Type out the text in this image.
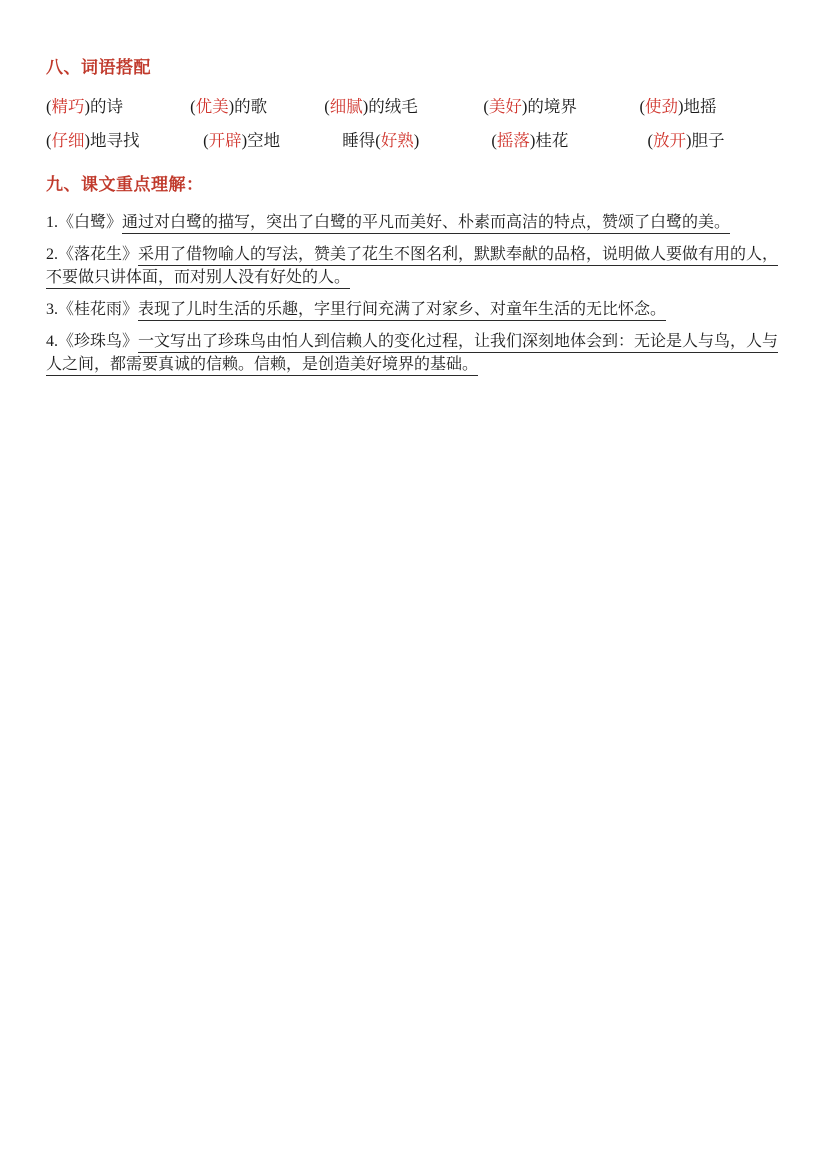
八、词语搭配
(精巧)的诗	(优美)的歌	(细腻)的绒毛	(美好)的境界	(使劲)地摇
(仔细)地寻找	(开辟)空地	睡得(好熟)	(摇落)桂花	(放开)胆子
九、课文重点理解：
1.《白鹭》通过对白鹭的描写，突出了白鹭的平凡而美好、朴素而高洁的特点，赞颂了白鹭的美。
2.《落花生》采用了借物喻人的写法，赞美了花生不图名利，默默奉献的品格，说明做人要做有用的人，不要做只讲体面，而对别人没有好处的人。
3.《桂花雨》表现了儿时生活的乐趣，字里行间充满了对家乡、对童年生活的无比怀念。
4.《珍珠鸟》一文写出了珍珠鸟由怕人到信赖人的变化过程，让我们深刻地体会到：无论是人与鸟，人与人之间，都需要真诚的信赖。信赖，是创造美好境界的基础。
